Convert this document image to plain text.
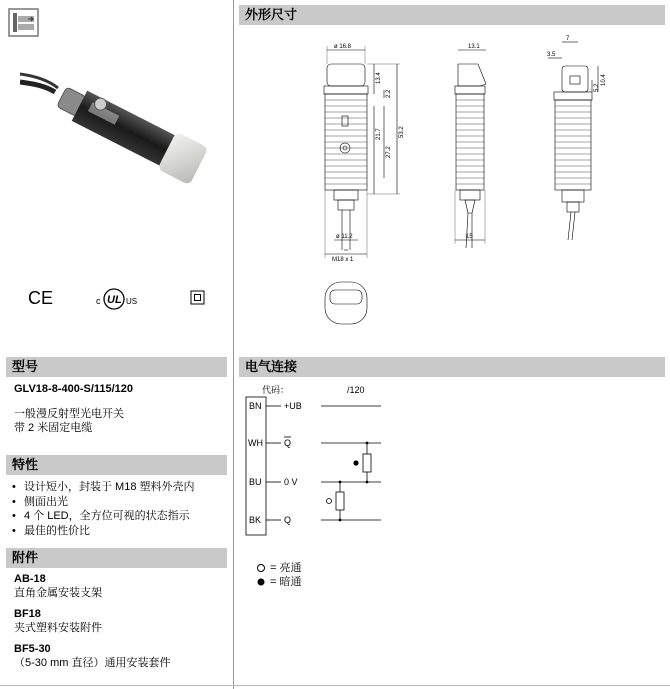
CE	c UL US
型号
GLV18-8-400-S/115/120
一般漫反射型光电开关
带 2 米固定电缆
特性
• 设计短小，封装于 M18 塑料外壳内
• 侧面出光
• 4 个 LED，全方位可视的状态指示
• 最佳的性价比
附件
AB-18
直角金属安装支架
BF18
夹式塑料安装附件
BF5-30
（5-30 mm 直径）通用安装套件
外形尺寸
ø 16.8	13.1
7
3.5
13.4
2.2
21.7
27.2
53.2
10.4
5.2
ø 11.2
M18 x 1
15
电气连接
代码：	/120
BN
WH
BU
BK
+UB
Q
0 V
Q
= 亮通
= 暗通
